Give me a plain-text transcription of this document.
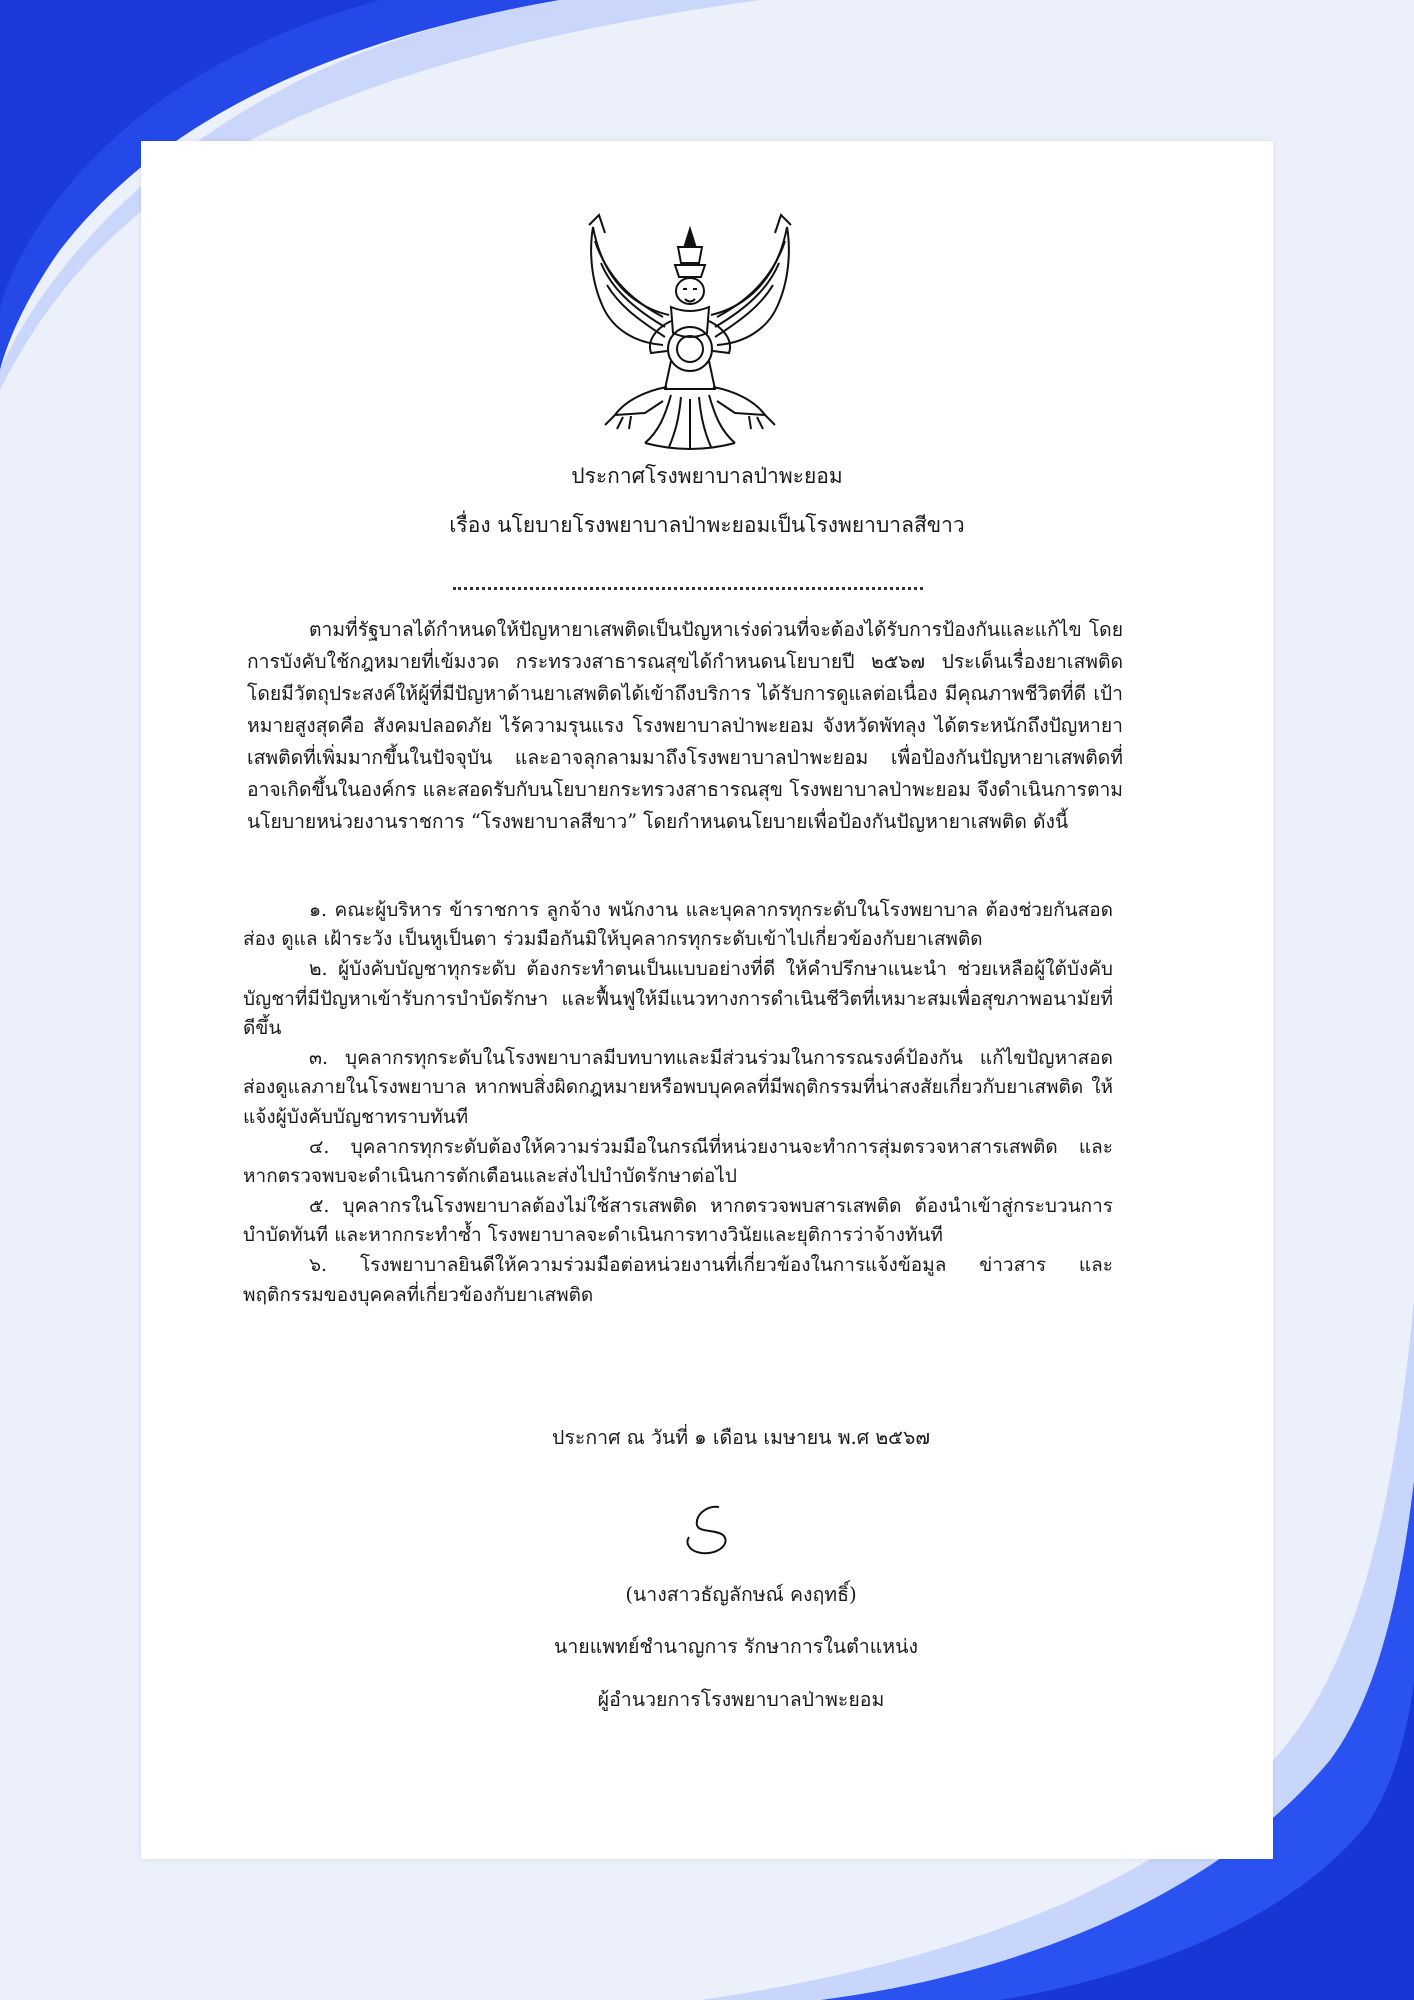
ประกาศโรงพยาบาลป่าพะยอม

เรื่อง นโยบายโรงพยาบาลป่าพะยอมเป็นโรงพยาบาลสีขาว

ตามที่รัฐบาลได้กำหนดให้ปัญหายาเสพติดเป็นปัญหาเร่งด่วนที่จะต้องได้รับการป้องกันและแก้ไข โดยการบังคับใช้กฎหมายที่เข้มงวด กระทรวงสาธารณสุขได้กำหนดนโยบายปี ๒๕๖๗ ประเด็นเรื่องยาเสพติด โดยมีวัตถุประสงค์ให้ผู้ที่มีปัญหาด้านยาเสพติดได้เข้าถึงบริการ ได้รับการดูแลต่อเนื่อง มีคุณภาพชีวิตที่ดี เป้าหมายสูงสุดคือ สังคมปลอดภัย ไร้ความรุนแรง โรงพยาบาลป่าพะยอม จังหวัดพัทลุง ได้ตระหนักถึงปัญหายาเสพติดที่เพิ่มมากขึ้นในปัจจุบัน และอาจลุกลามมาถึงโรงพยาบาลป่าพะยอม เพื่อป้องกันปัญหายาเสพติดที่อาจเกิดขึ้นในองค์กร และสอดรับกับนโยบายกระทรวงสาธารณสุข โรงพยาบาลป่าพะยอม จึงดำเนินการตามนโยบายหน่วยงานราชการ “โรงพยาบาลสีขาว” โดยกำหนดนโยบายเพื่อป้องกันปัญหายาเสพติด ดังนี้

๑. คณะผู้บริหาร ข้าราชการ ลูกจ้าง พนักงาน และบุคลากรทุกระดับในโรงพยาบาล ต้องช่วยกันสอดส่อง ดูแล เฝ้าระวัง เป็นหูเป็นตา ร่วมมือกันมิให้บุคลากรทุกระดับเข้าไปเกี่ยวข้องกับยาเสพติด
๒. ผู้บังคับบัญชาทุกระดับ ต้องกระทำตนเป็นแบบอย่างที่ดี ให้คำปรึกษาแนะนำ ช่วยเหลือผู้ใต้บังคับบัญชาที่มีปัญหาเข้ารับการบำบัดรักษา และฟื้นฟูให้มีแนวทางการดำเนินชีวิตที่เหมาะสมเพื่อสุขภาพอนามัยที่ดีขึ้น
๓. บุคลากรทุกระดับในโรงพยาบาลมีบทบาทและมีส่วนร่วมในการรณรงค์ป้องกัน แก้ไขปัญหาสอดส่องดูแลภายในโรงพยาบาล หากพบสิ่งผิดกฎหมายหรือพบบุคคลที่มีพฤติกรรมที่น่าสงสัยเกี่ยวกับยาเสพติด ให้แจ้งผู้บังคับบัญชาทราบทันที
๔. บุคลากรทุกระดับต้องให้ความร่วมมือในกรณีที่หน่วยงานจะทำการสุ่มตรวจหาสารเสพติด และหากตรวจพบจะดำเนินการตักเตือนและส่งไปบำบัดรักษาต่อไป
๕. บุคลากรในโรงพยาบาลต้องไม่ใช้สารเสพติด หากตรวจพบสารเสพติด ต้องนำเข้าสู่กระบวนการบำบัดทันที และหากกระทำซ้ำ โรงพยาบาลจะดำเนินการทางวินัยและยุติการว่าจ้างทันที
๖. โรงพยาบาลยินดีให้ความร่วมมือต่อหน่วยงานที่เกี่ยวข้องในการแจ้งข้อมูล ข่าวสาร และพฤติกรรมของบุคคลที่เกี่ยวข้องกับยาเสพติด

ประกาศ ณ วันที่ ๑ เดือน เมษายน พ.ศ ๒๕๖๗

(นางสาวธัญลักษณ์ คงฤทธิ์)

นายแพทย์ชำนาญการ รักษาการในตำแหน่ง

ผู้อำนวยการโรงพยาบาลป่าพะยอม
